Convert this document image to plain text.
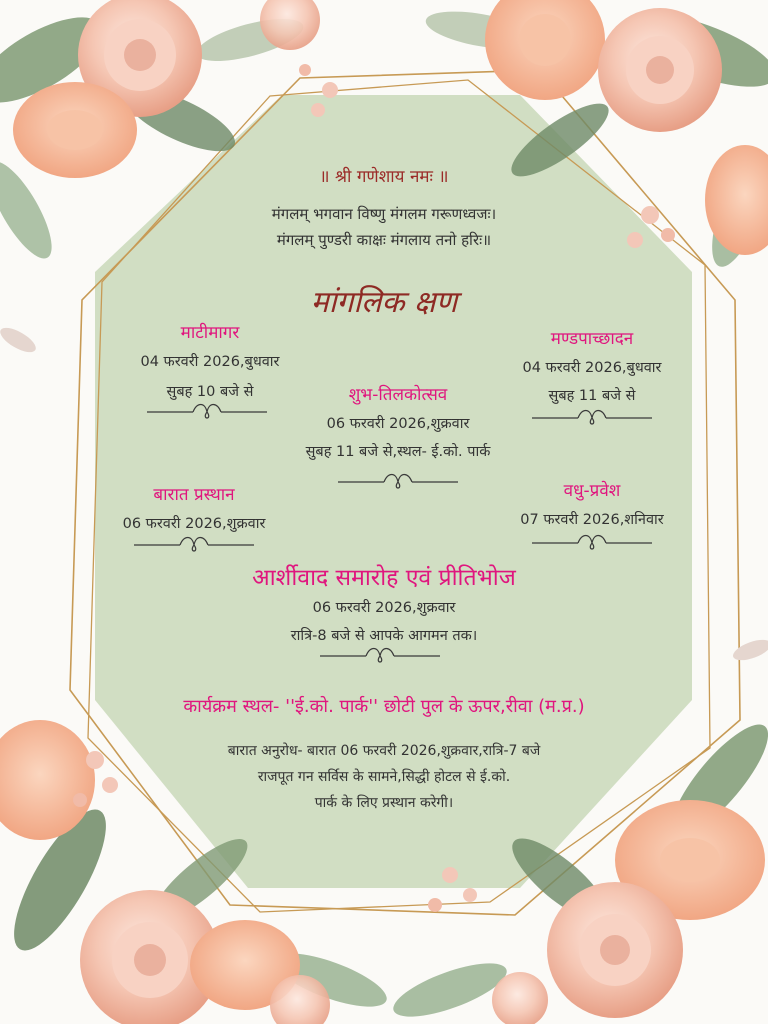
॥ श्री गणेशाय नमः ॥
मंगलम् भगवान विष्णु मंगलम गरूणध्वजः।
मंगलम् पुण्डरी काक्षः मंगलाय तनो हरिः॥
मांगलिक क्षण
माटीमागर
04 फरवरी 2026,बुधवार
सुबह 10 बजे से
मण्डपाच्छादन
04 फरवरी 2026,बुधवार
सुबह 11 बजे से
शुभ-तिलकोत्सव
06 फरवरी 2026,शुक्रवार
सुबह 11 बजे से,स्थल- ई.को. पार्क
बारात प्रस्थान
06 फरवरी 2026,शुक्रवार
वधु-प्रवेश
07 फरवरी 2026,शनिवार
आर्शीवाद समारोह एवं प्रीतिभोज
06 फरवरी 2026,शुक्रवार
रात्रि-8 बजे से आपके आगमन तक।
कार्यक्रम स्थल- ''ई.को. पार्क'' छोटी पुल के ऊपर,रीवा (म.प्र.)
बारात अनुरोध- बारात 06 फरवरी 2026,शुक्रवार,रात्रि-7 बजे
राजपूत गन सर्विस के सामने,सिद्धी होटल से ई.को.
पार्क के लिए प्रस्थान करेगी।
